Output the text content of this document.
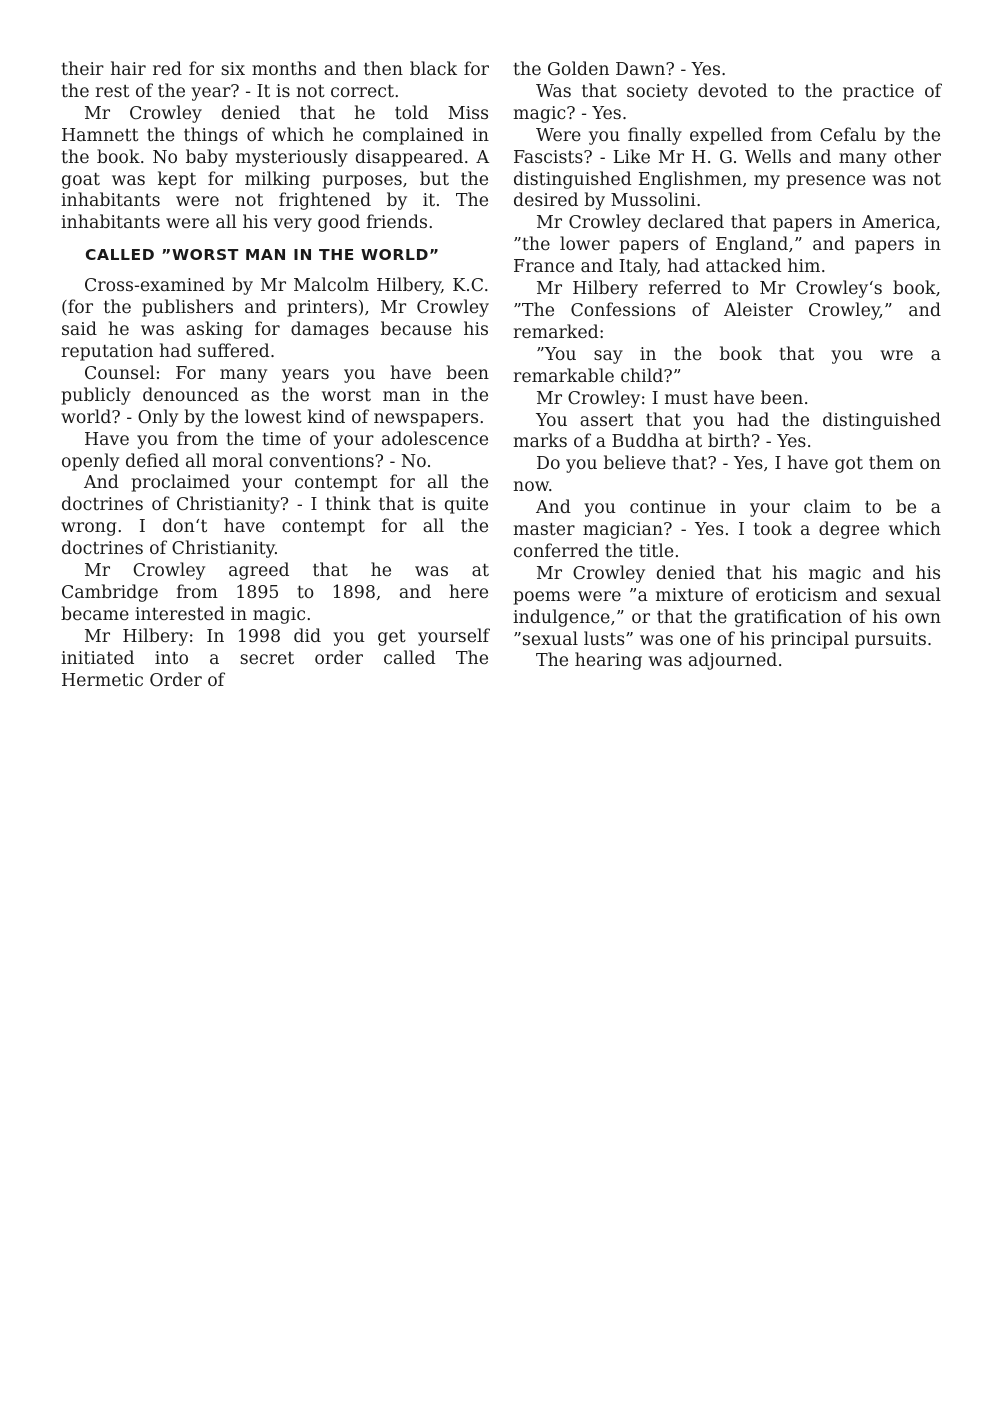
their hair red for six months and then black for the rest of the year? - It is not correct.

Mr Crowley denied that he told Miss Hamnett the things of which he complained in the book. No baby mysteriously disappeared. A goat was kept for milking purposes, but the inhabitants were not frightened by it. The inhabitants were all his very good friends.

CALLED ”WORST MAN IN THE WORLD”

Cross-examined by Mr Malcolm Hilbery, K.C. (for the publishers and printers), Mr Crowley said he was asking for damages because his reputation had suffered.

Counsel: For many years you have been publicly denounced as the worst man in the world? - Only by the lowest kind of newspapers.

Have you from the time of your adolescence openly defied all moral conventions? - No.

And proclaimed your contempt for all the doctrines of Christianity? - I think that is quite wrong. I don‘t have contempt for all the doctrines of Christianity.

Mr Crowley agreed that he was at Cambridge from 1895 to 1898, and here became interested in magic.

Mr Hilbery: In 1998 did you get yourself initiated into a secret order called The Hermetic Order of

the Golden Dawn? - Yes.

Was that society devoted to the practice of magic? - Yes.

Were you finally expelled from Cefalu by the Fascists? - Like Mr H. G. Wells and many other distinguished Englishmen, my presence was not desired by Mussolini.

Mr Crowley declared that papers in America, ”the lower papers of England,” and papers in France and Italy, had attacked him.

Mr Hilbery referred to Mr Crowley‘s book, ”The Confessions of Aleister Crowley,” and remarked:

”You say in the book that you wre a remarkable child?”

Mr Crowley: I must have been.

You assert that you had the distinguished marks of a Buddha at birth? - Yes.

Do you believe that? - Yes, I have got them on now.

And you continue in your claim to be a master magician? - Yes. I took a degree which conferred the title.

Mr Crowley denied that his magic and his poems were ”a mixture of eroticism and sexual indulgence,” or that the gratification of his own ”sexual lusts” was one of his principal pursuits.

The hearing was adjourned.
